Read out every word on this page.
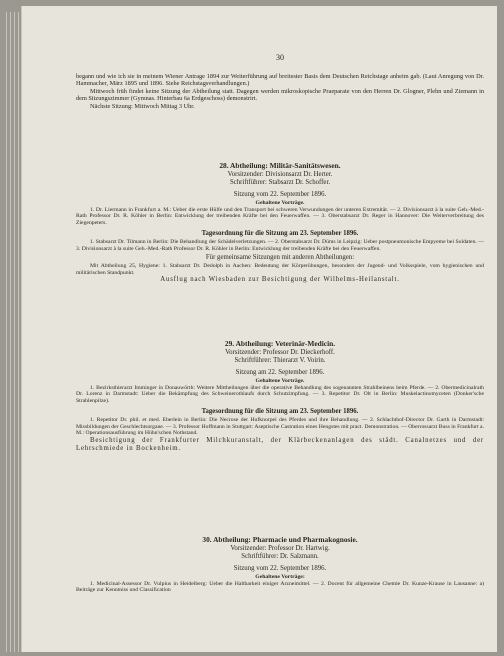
30

begann und wie ich sie in meinem Wiener Antrage 1894 zur Weiterführung auf breitester Basis dem Deutschen Reichstage anheim gab. (Laut Anregung von Dr. Hammacher, März 1895 und 1896. Siehe Reichstagsverhandlungen.)

Mittwoch früh findet keine Sitzung der Abtheilung statt. Dagegen werden mikroskopische Praeparate von den Herren Dr. Glogner, Plehn und Ziemann in dem Sitzungszimmer (Gymnas. Hinterbau 6a Erdgeschoss) demonstrirt.

Nächste Sitzung: Mittwoch Mittag 3 Uhr.

28. Abtheilung: Militär-Sanitätswesen.

Vorsitzender: Divisionsarzt Dr. Herter.

Schriftführer: Stabsarzt Dr. Schoffer.

Sitzung vom 22. September 1896.

Gehaltene Vorträge.

1. Dr. Liermann in Frankfurt a. M.: Ueber die erste Hülfe und den Transport bei schweren Verwundungen der unteren Extremität. — 2. Divisionsarzt à la suite Geh.-Med.-Rath Professor Dr. R. Köhler in Berlin: Entwicklung der treibenden Kräfte bei den Feuerwaffen. — 3. Oberstabsarzt Dr. Reger in Hannover: Die Weiterverbreitung des Ziegenpeters.

Tagesordnung für die Sitzung am 23. September 1896.

1. Stabsarzt Dr. Tilmann in Berlin: Die Behandlung der Schädelverletzungen. — 2. Oberstabsarzt Dr. Düms in Leipzig: Ueber postpneumonische Empyeme bei Soldaten. — 3. Divisionsarzt à la suite Geh.-Med.-Rath Professor Dr. R. Köhler in Berlin: Entwicklung der treibenden Kräfte bei den Feuerwaffen.

Für gemeinsame Sitzungen mit anderen Abtheilungen:

Mit Abtheilung 25, Hygiene: 1. Stabsarzt Dr. Dedolph in Aachen: Bedeutung der Körperübungen, besonders der Jugend- und Volksspiele, vom hygienischen und militärischen Standpunkt.

Ausflug nach Wiesbaden zur Besichtigung der Wilhelms-Heilanstalt.

29. Abtheilung: Veterinär-Medicin.

Vorsitzender: Professor Dr. Dieckerhoff.

Schriftführer: Thierarzt V. Voirin.

Sitzung am 22. September 1896.

Gehaltene Vorträge.

1. Bezirksthierarzt Imminger in Donauwörth: Weitere Mittheilungen über die operative Behandlung des sogenannten Strahlbeinens beim Pferde. — 2. Obermedicinalrath Dr. Lorenz in Darmstadt: Ueber die Bekämpfung des Schweinerothlaufs durch Schutzimpfung. — 3. Repetitor Dr. Olt in Berlin: Muskelactinomyceten (Donker'sche Strahlenpilze).

Tagesordnung für die Sitzung am 23. September 1896.

1. Repetitor Dr. phil. et med. Eberlein in Berlin: Die Necrose der Hufknorpel des Pferdes und ihre Behandlung. — 2. Schlachthof-Director Dr. Garth in Darmstadt: Missbildungen der Geschlechtsorgane. — 3. Professor Hoffmann in Stuttgart: Aseptische Castration eines Hengstes mit pract. Demonstration. — Oberrossarzt Buss in Frankfurt a. M.: Operationsausführung im Hühn'schen Nothstand.

Besichtigung der Frankfurter Milchkuranstalt, der Klärbeckenanlagen des städt. Canalnetzes und der Lehrschmiede in Bockenheim.

30. Abtheilung: Pharmacie und Pharmakognosie.

Vorsitzender: Professor Dr. Hartwig.

Schriftführer: Dr. Salzmann.

Sitzung vom 22. September 1896.

Gehaltene Vorträge:

1. Medicinal-Assessor Dr. Vulpius in Heidelberg: Ueber die Haltbarkeit einiger Arzneimittel. — 2. Docent für allgemeine Chemie Dr. Kunze-Krause in Lausanne: a) Beiträge zur Kenntniss und Classification
